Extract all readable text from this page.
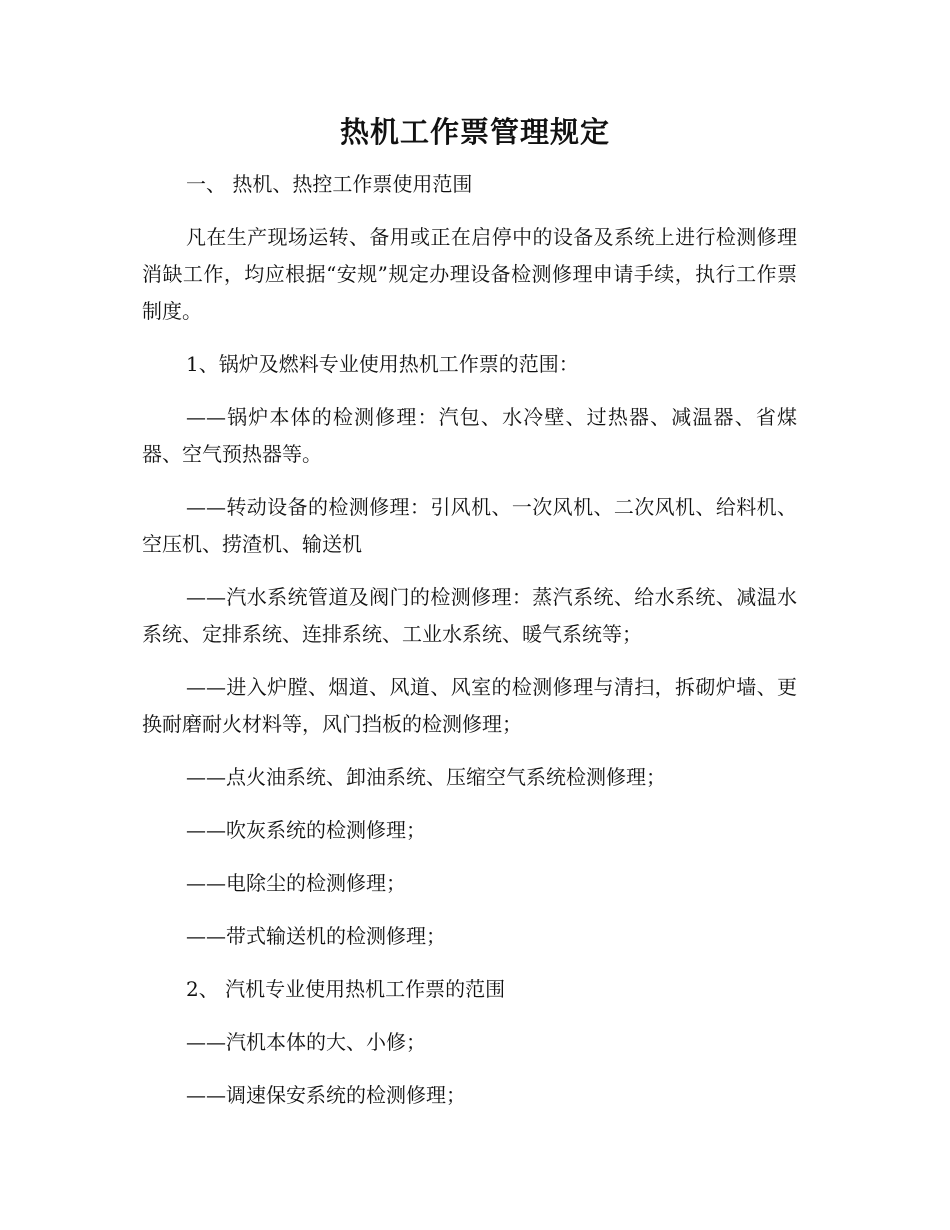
热机工作票管理规定

一、 热机、热控工作票使用范围

凡在生产现场运转、备用或正在启停中的设备及系统上进行检测修理消缺工作，均应根据“安规”规定办理设备检测修理申请手续，执行工作票制度。

1、锅炉及燃料专业使用热机工作票的范围：

——锅炉本体的检测修理：汽包、水冷壁、过热器、减温器、省煤器、空气预热器等。

——转动设备的检测修理：引风机、一次风机、二次风机、给料机、空压机、捞渣机、输送机

——汽水系统管道及阀门的检测修理：蒸汽系统、给水系统、减温水系统、定排系统、连排系统、工业水系统、暖气系统等；

——进入炉膛、烟道、风道、风室的检测修理与清扫，拆砌炉墙、更换耐磨耐火材料等，风门挡板的检测修理；

——点火油系统、卸油系统、压缩空气系统检测修理；

——吹灰系统的检测修理；

——电除尘的检测修理；

——带式输送机的检测修理；

2、 汽机专业使用热机工作票的范围

——汽机本体的大、小修；

——调速保安系统的检测修理；
